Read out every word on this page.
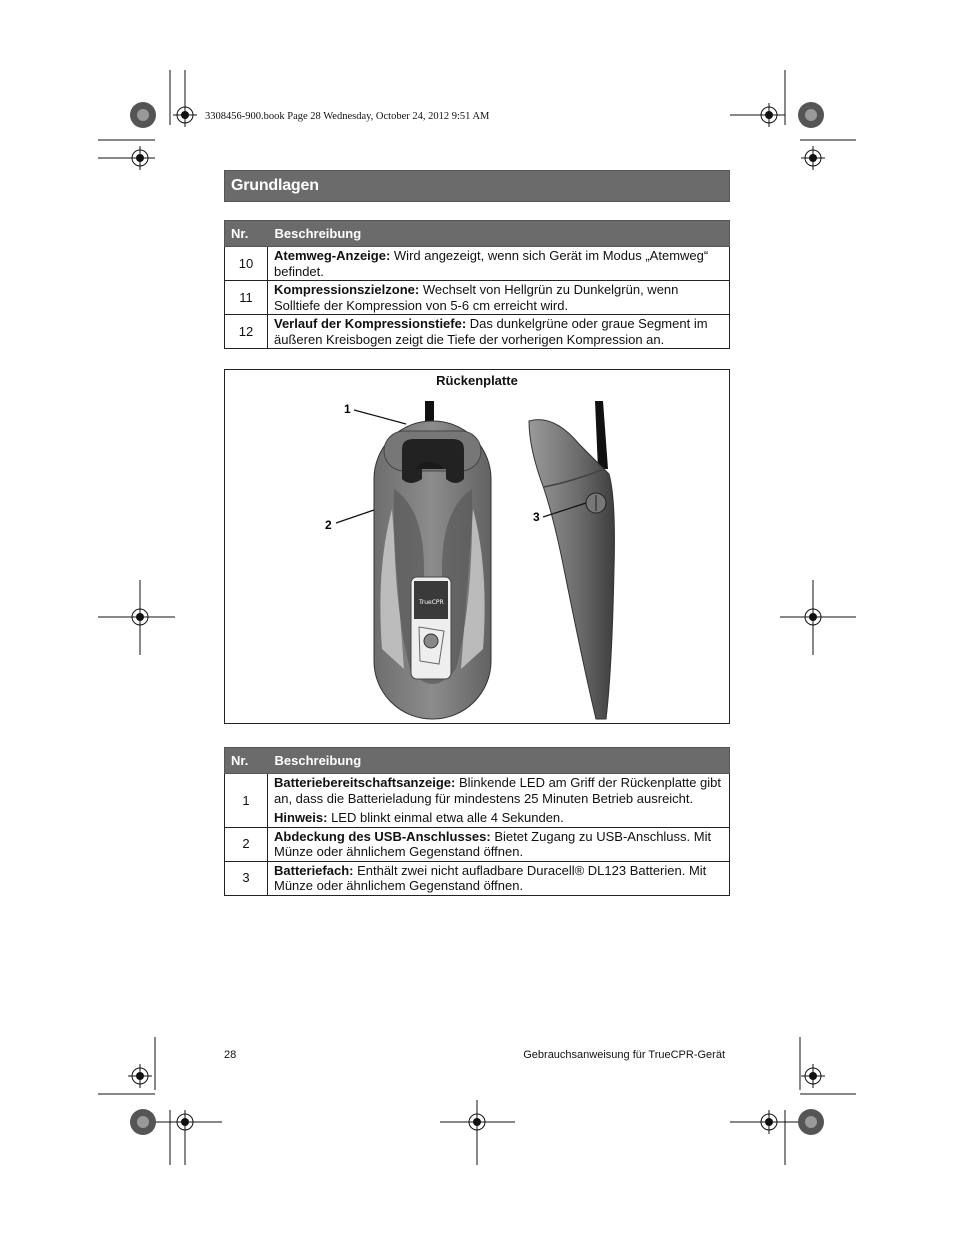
3308456-900.book Page 28 Wednesday, October 24, 2012 9:51 AM
Grundlagen
Nr.	Beschreibung
10	Atemweg-Anzeige: Wird angezeigt, wenn sich Gerät im Modus „Atemweg“ befindet.
11	Kompressionszielzone: Wechselt von Hellgrün zu Dunkelgrün, wenn Solltiefe der Kompression von 5-6 cm erreicht wird.
12	Verlauf der Kompressionstiefe: Das dunkelgrüne oder graue Segment im äußeren Kreisbogen zeigt die Tiefe der vorherigen Kompression an.
Rückenplatte
TrueCPR
1
2
3
Nr.	Beschreibung
1	Batteriebereitschaftsanzeige: Blinkende LED am Griff der Rückenplatte gibt an, dass die Batterieladung für mindestens 25 Minuten Betrieb ausreicht.
Hinweis: LED blinkt einmal etwa alle 4 Sekunden.

2	Abdeckung des USB-Anschlusses: Bietet Zugang zu USB-Anschluss. Mit Münze oder ähnlichem Gegenstand öffnen.
3	Batteriefach: Enthält zwei nicht aufladbare Duracell® DL123 Batterien. Mit Münze oder ähnlichem Gegenstand öffnen.
28	Gebrauchsanweisung für TrueCPR-Gerät
